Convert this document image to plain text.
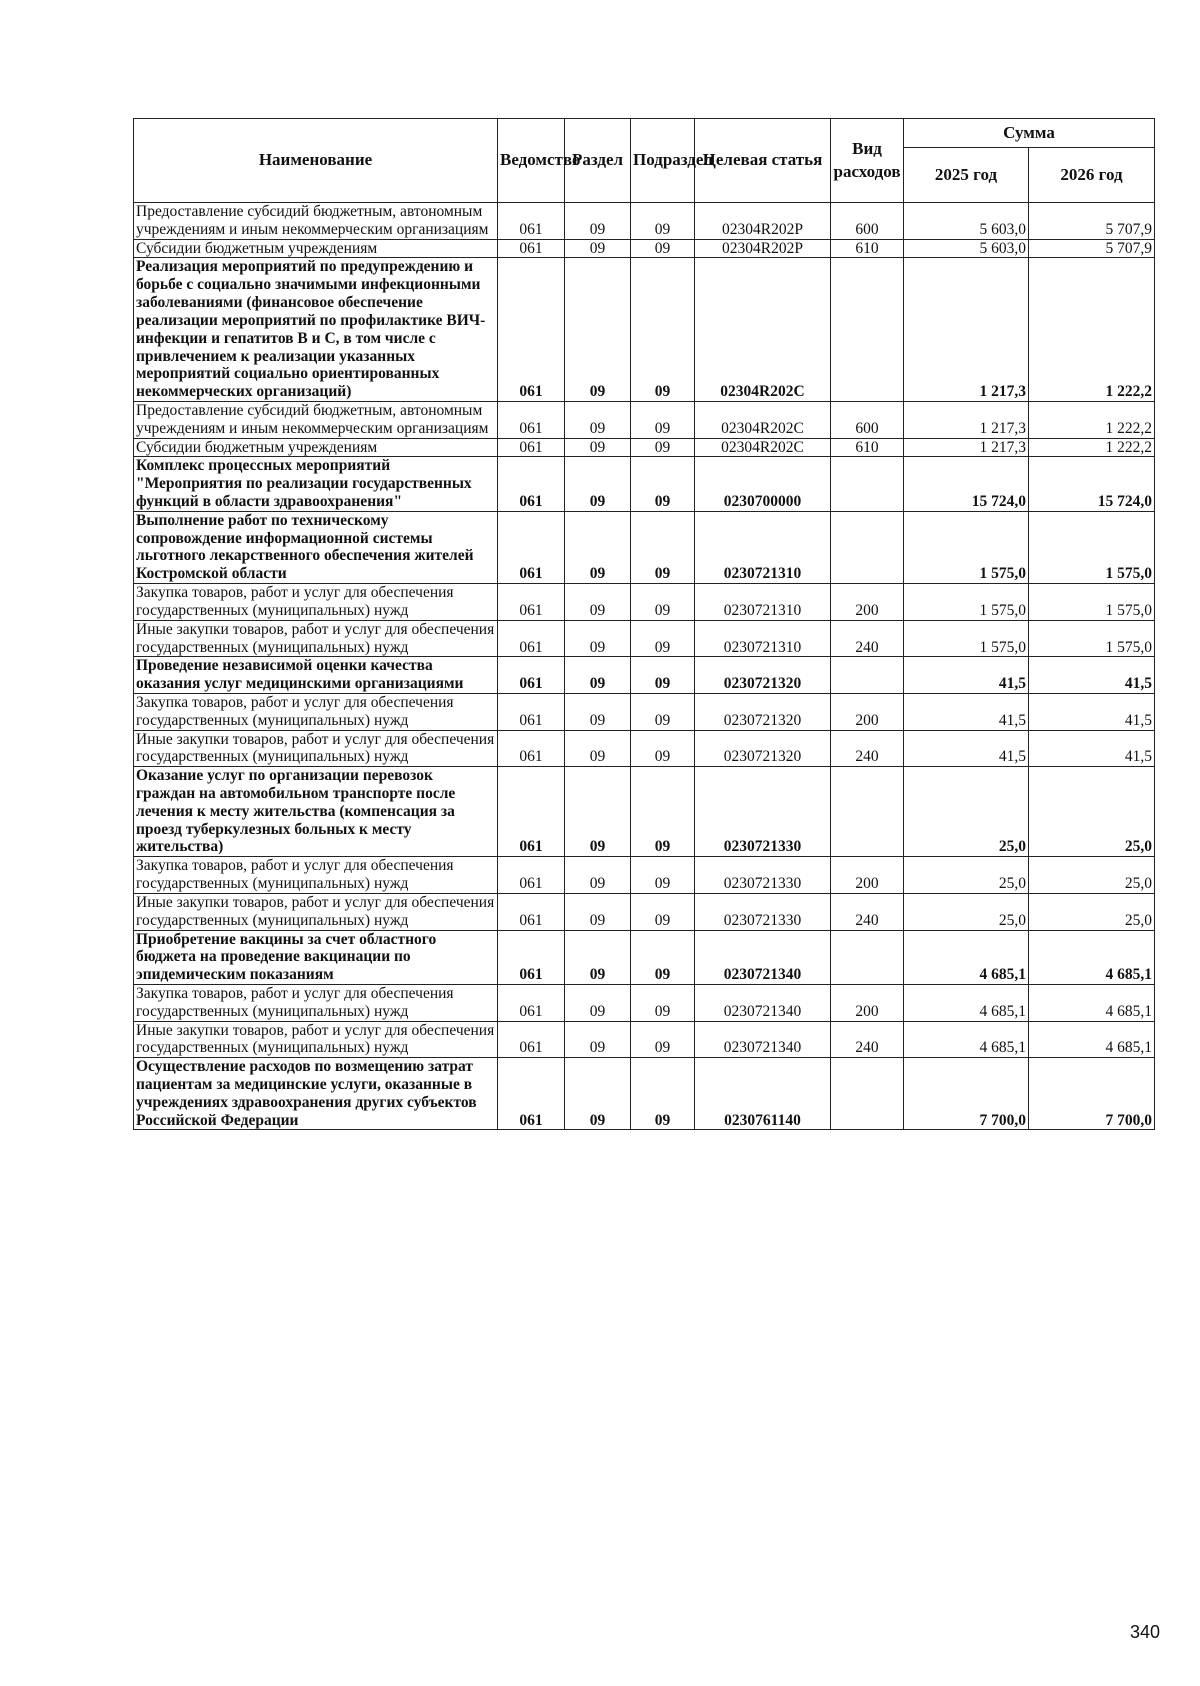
Наименование	Ведомство	Раздел	Подраздел	Целевая статья	Вид расходов	Сумма	
						2025 год	2026 год
Предоставление субсидий бюджетным, автономным учреждениям и иным некоммерческим организациям	061	09	09	02304R202P	600	5 603,0	5 707,9
Субсидии бюджетным учреждениям	061	09	09	02304R202P	610	5 603,0	5 707,9
Реализация мероприятий по предупреждению и борьбе с социально значимыми инфекционными заболеваниями (финансовое обеспечение реализации мероприятий по профилактике ВИЧ- инфекции и гепатитов В и С, в том числе с привлечением к реализации указанных мероприятий социально ориентированных некоммерческих организаций)	061	09	09	02304R202C		1 217,3	1 222,2
Предоставление субсидий бюджетным, автономным учреждениям и иным некоммерческим организациям	061	09	09	02304R202C	600	1 217,3	1 222,2
Субсидии бюджетным учреждениям	061	09	09	02304R202C	610	1 217,3	1 222,2
Комплекс процессных мероприятий "Мероприятия по реализации государственных функций в области здравоохранения"	061	09	09	0230700000		15 724,0	15 724,0
Выполнение работ по техническому сопровождение информационной системы льготного лекарственного обеспечения жителей Костромской области	061	09	09	0230721310		1 575,0	1 575,0
Закупка товаров, работ и услуг для обеспечения государственных (муниципальных) нужд	061	09	09	0230721310	200	1 575,0	1 575,0
Иные закупки товаров, работ и услуг для обеспечения государственных (муниципальных) нужд	061	09	09	0230721310	240	1 575,0	1 575,0
Проведение независимой оценки качества оказания услуг медицинскими организациями	061	09	09	0230721320		41,5	41,5
Закупка товаров, работ и услуг для обеспечения государственных (муниципальных) нужд	061	09	09	0230721320	200	41,5	41,5
Иные закупки товаров, работ и услуг для обеспечения государственных (муниципальных) нужд	061	09	09	0230721320	240	41,5	41,5
Оказание услуг по организации перевозок граждан на автомобильном транспорте после лечения к месту жительства (компенсация за проезд туберкулезных больных к месту жительства)	061	09	09	0230721330		25,0	25,0
Закупка товаров, работ и услуг для обеспечения государственных (муниципальных) нужд	061	09	09	0230721330	200	25,0	25,0
Иные закупки товаров, работ и услуг для обеспечения государственных (муниципальных) нужд	061	09	09	0230721330	240	25,0	25,0
Приобретение вакцины за счет областного бюджета на проведение вакцинации по эпидемическим показаниям	061	09	09	0230721340		4 685,1	4 685,1
Закупка товаров, работ и услуг для обеспечения государственных (муниципальных) нужд	061	09	09	0230721340	200	4 685,1	4 685,1
Иные закупки товаров, работ и услуг для обеспечения государственных (муниципальных) нужд	061	09	09	0230721340	240	4 685,1	4 685,1
Осуществление расходов по возмещению затрат пациентам за медицинские услуги, оказанные в учреждениях здравоохранения других субъектов Российской Федерации	061	09	09	0230761140		7 700,0	7 700,0
340
